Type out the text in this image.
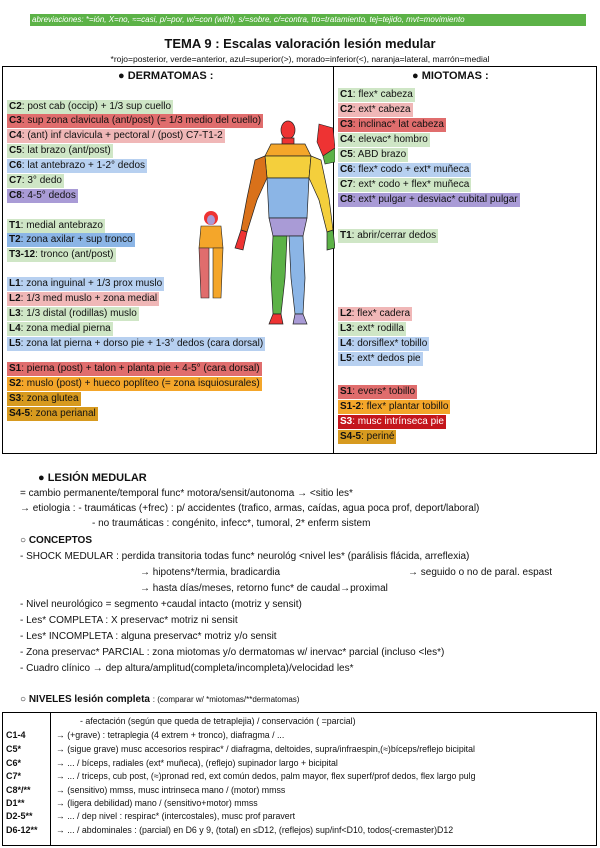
abreviaciones: *=ión, X=no, ≈=casi, p/=por, w/=con (with), s/=sobre, c/=contra, tto=tratamiento, tej=tejido, mvt=movimiento
TEMA 9 : Escalas valoración lesión medular
*rojo=posterior, verde=anterior, azul=superior(>), morado=inferior(<), naranja=lateral, marrón=medial
● DERMATOMAS :	● MIOTOMAS :
C2: post cab (occip) + 1/3 sup cuello
C3: sup zona clavicula (ant/post) (= 1/3 medio del cuello)
C4: (ant) inf clavicula + pectoral / (post) C7-T1-2
C5: lat brazo (ant/post)
C6: lat antebrazo + 1-2° dedos
C7: 3° dedo
C8: 4-5° dedos
T1: medial antebrazo
T2: zona axilar + sup tronco
T3-12: tronco (ant/post)
L1: zona inguinal + 1/3 prox muslo
L2: 1/3 med muslo + zona medial
L3: 1/3 distal (rodillas) muslo
L4: zona medial pierna
L5: zona lat pierna + dorso pie + 1-3° dedos (cara dorsal)
S1: pierna (post) + talon + planta pie + 4-5° (cara dorsal)
S2: muslo (post) + hueco poplíteo (= zona isquiosurales)
S3: zona glutea
S4-5: zona perianal
C1: flex* cabeza
C2: ext* cabeza
C3: inclinac* lat cabeza
C4: elevac* hombro
C5: ABD brazo
C6: flex* codo + ext* muñeca
C7: ext* codo + flex* muñeca
C8: ext* pulgar + desviac* cubital pulgar
T1: abrir/cerrar dedos
L2: flex* cadera
L3: ext* rodilla
L4: dorsiflex* tobillo
L5: ext* dedos pie
S1: evers* tobillo
S1-2: flex* plantar tobillo
S3: musc intrínseca pie
S4-5: periné
● LESIÓN MEDULAR
= cambio permanente/temporal func* motora/sensit/autonoma → <sitio les*
→ etiologia : - traumáticas (+frec) : p/ accidentes (trafico, armas, caídas, agua poca prof, deport/laboral)
- no traumáticas : congénito, infecc*, tumoral, 2* enferm sistem
○ CONCEPTOS
- SHOCK MEDULAR : perdida transitoria todas func* neurológ <nivel les* (parálisis flácida, arreflexia)
→ hipotens*/termia, bradicardia	→ seguido o no de paral. espast
→ hasta días/meses, retorno func* de caudal→proximal
- Nivel neurológico = segmento +caudal intacto (motriz y sensit)
- Les* COMPLETA : X preservac* motriz ni sensit
- Les* INCOMPLETA : alguna preservac* motriz y/o sensit
- Zona preservac* PARCIAL : zona miotomas y/o dermatomas w/ inervac* parcial (incluso <les*)
- Cuadro clínico → dep altura/amplitud(completa/incompleta)/velocidad les*
○ NIVELES lesión completa : (comparar w/ *miotomas/**dermatomas)
- afectación (según que queda de tetraplejia) / conservación ( =parcial)
C1-4	→ (+grave) : tetraplegia (4 extrem + tronco), diafragma / ...
C5*	→ (sigue grave) musc accesorios respirac* / diafragma, deltoides, supra/infraespin,(≈)bíceps/reflejo bicipital
C6*	→ ... / bíceps, radiales (ext* muñeca), (reflejo) supinador largo + bicipital
C7*	→ ... / triceps, cub post, (≈)pronad red, ext común dedos, palm mayor, flex superf/prof dedos, flex largo pulg
C8*/**	→ (sensitivo) mmss, musc intrinseca mano / (motor) mmss
D1**	→ (ligera debilidad) mano / (sensitivo+motor) mmss
D2-5**	→ ... / dep nivel : respirac* (intercostales), musc prof paravert
D6-12** → ... / abdominales : (parcial) en D6 y 9, (total) en ≤D12, (reflejos) sup/inf<D10, todos(-cremaster)D12
